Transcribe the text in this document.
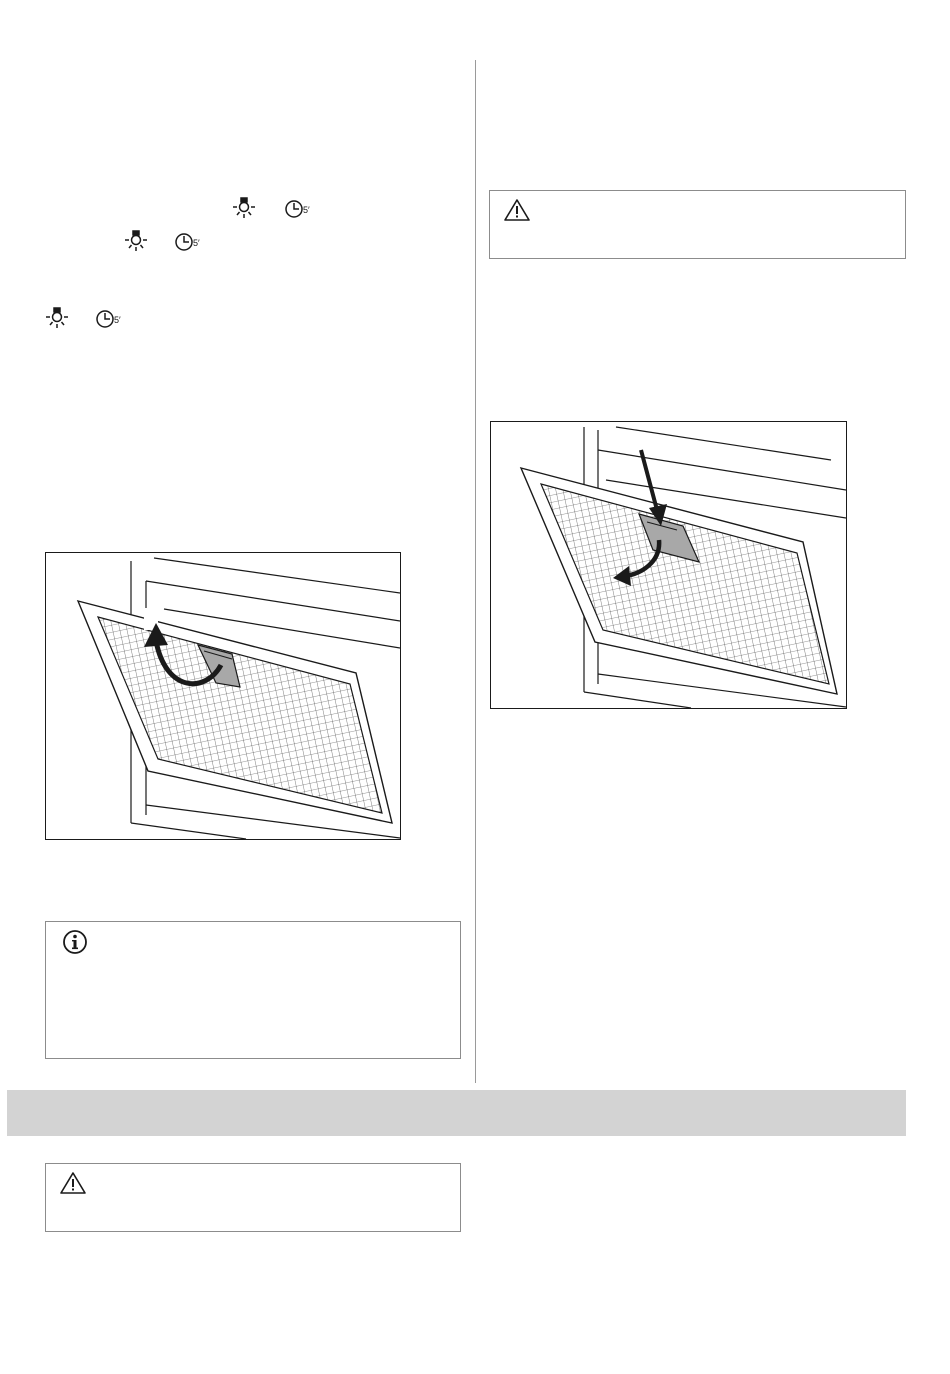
5′
5′
5′
